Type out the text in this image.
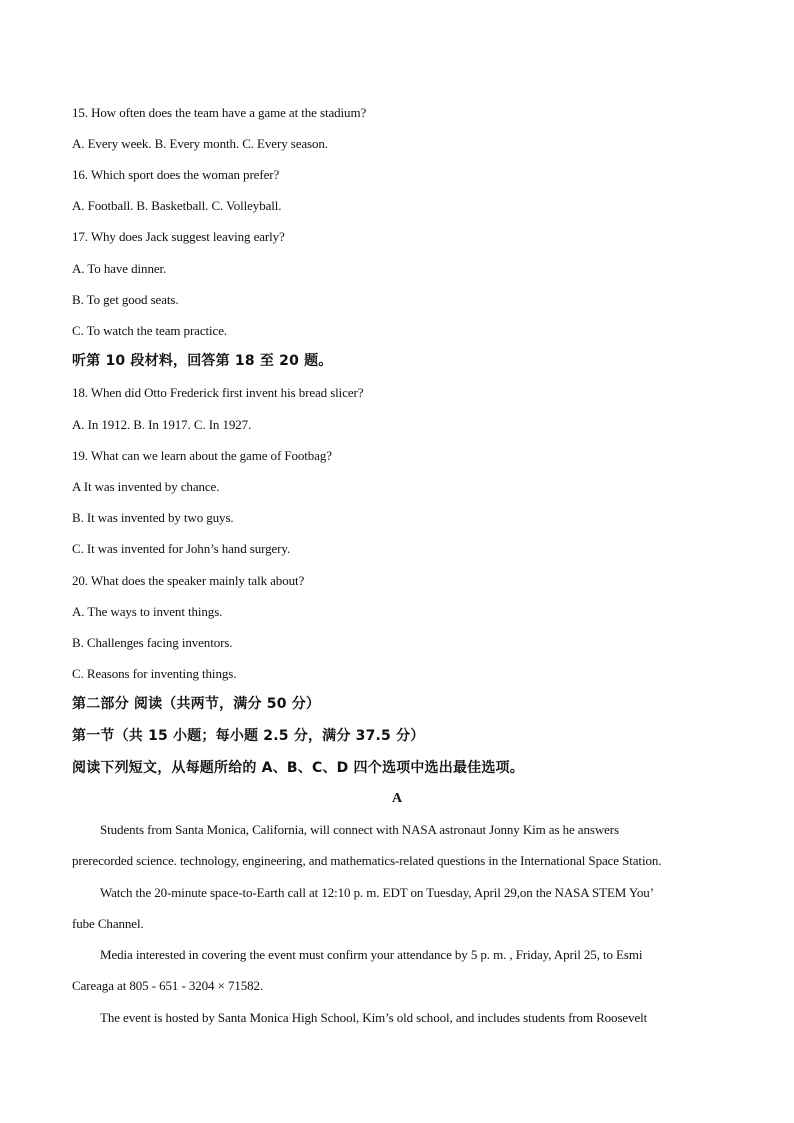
15. How often does the team have a game at the stadium?
A. Every week. B. Every month. C. Every season.
16. Which sport does the woman prefer?
A. Football. B. Basketball. C. Volleyball.
17. Why does Jack suggest leaving early?
A. To have dinner.
B. To get good seats.
C. To watch the team practice.
听第 10 段材料，回答第 18 至 20 题。
18. When did Otto Frederick first invent his bread slicer?
A. In 1912. B. In 1917. C. In 1927.
19. What can we learn about the game of Footbag?
A It was invented by chance.
B. It was invented by two guys.
C. It was invented for John’s hand surgery.
20. What does the speaker mainly talk about?
A. The ways to invent things.
B. Challenges facing inventors.
C. Reasons for inventing things.
第二部分 阅读（共两节，满分 50 分）
第一节（共 15 小题；每小题 2.5 分，满分 37.5 分）
阅读下列短文，从每题所给的 A、B、C、D 四个选项中选出最佳选项。
A
Students from Santa Monica, California, will connect with NASA astronaut Jonny Kim as he answers
prerecorded science. technology, engineering, and mathematics-related questions in the International Space Station.
Watch the 20-minute space-to-Earth call at 12:10 p. m. EDT on Tuesday, April 29,on the NASA STEM You’
fube Channel.
Media interested in covering the event must confirm your attendance by 5 p. m. , Friday, April 25, to Esmi
Careaga at 805 - 651 - 3204 × 71582.
The event is hosted by Santa Monica High School, Kim’s old school, and includes students from Roosevelt
